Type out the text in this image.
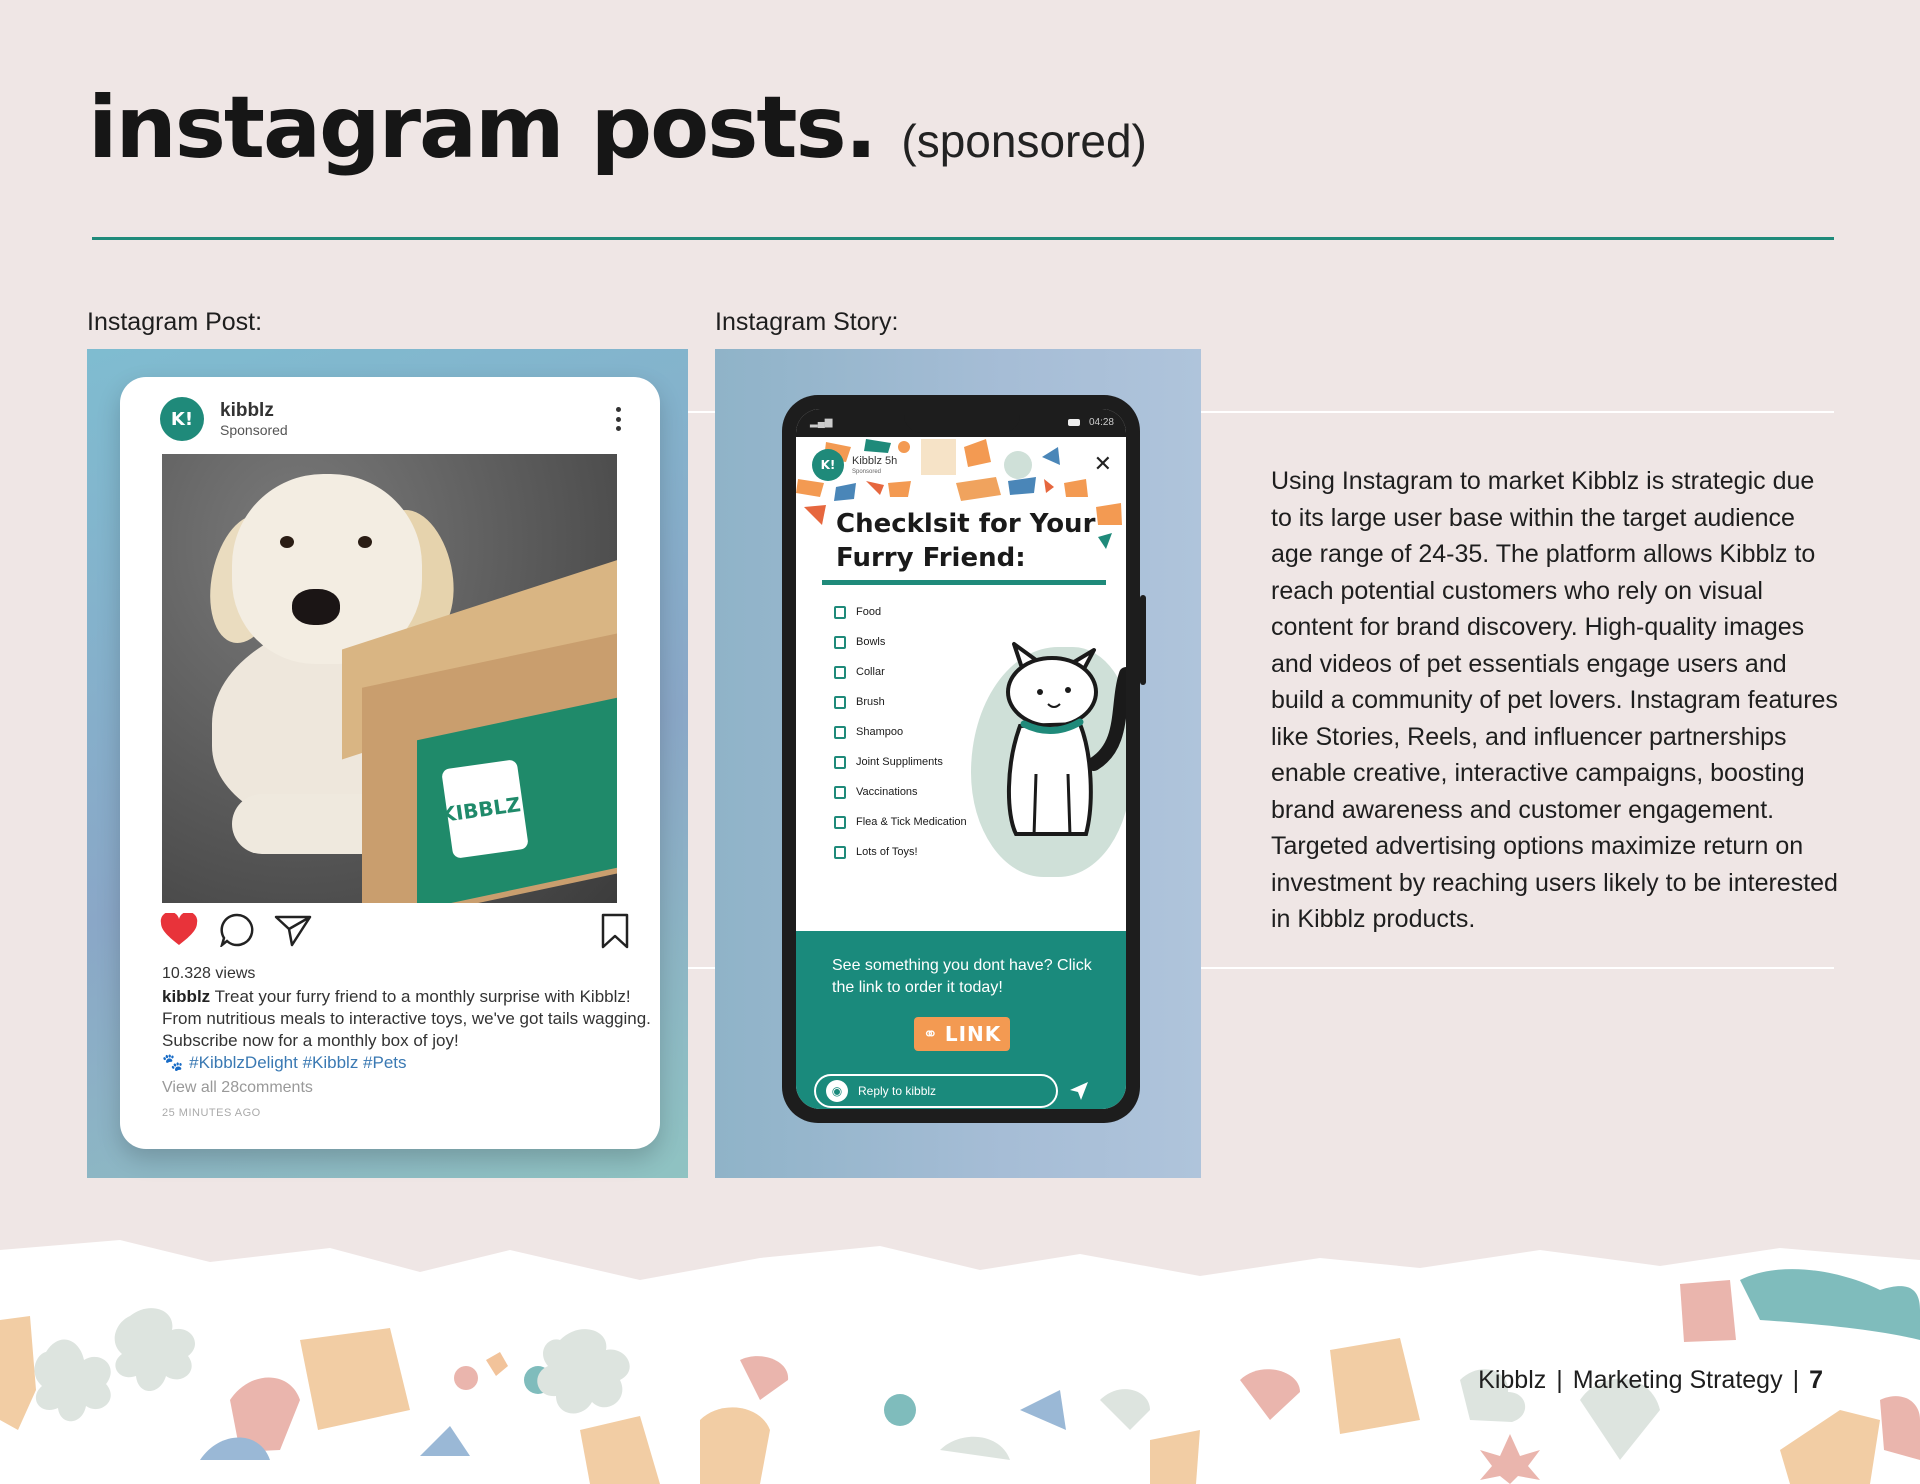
instagram posts. (sponsored)
Instagram Post:	Instagram Story:
K!	kibblz
Sponsored
KIBBLZ!
10.328 views
kibblz Treat your furry friend to a monthly surprise with Kibblz! From nutritious meals to interactive toys, we've got tails wagging. Subscribe now for a monthly box of joy!
🐾 #KibblzDelight #Kibblz #Pets
View all 28comments
25 MINUTES AGO
▂▄▆	04:28
K!	Kibblz 5h
Sponsored	✕
Checklsit for Your
Furry Friend:
Food
Bowls
Collar
Brush
Shampoo
Joint Suppliments
Vaccinations
Flea & Tick Medication
Lots of Toys!
See something you dont have? Click the link to order it today!
⚭ LINK
◉	Reply to kibblz
Using Instagram to market Kibblz is strategic due to its large user base within the target audience age range of 24-35. The platform allows Kibblz to reach potential customers who rely on visual content for brand discovery. High-quality images and videos of pet essentials engage users and build a community of pet lovers. Instagram features like Stories, Reels, and influencer partnerships enable creative, interactive campaigns, boosting brand awareness and customer engagement. Targeted advertising options maximize return on investment by reaching users likely to be interested in Kibblz products.
Kibblz | Marketing Strategy | 7
